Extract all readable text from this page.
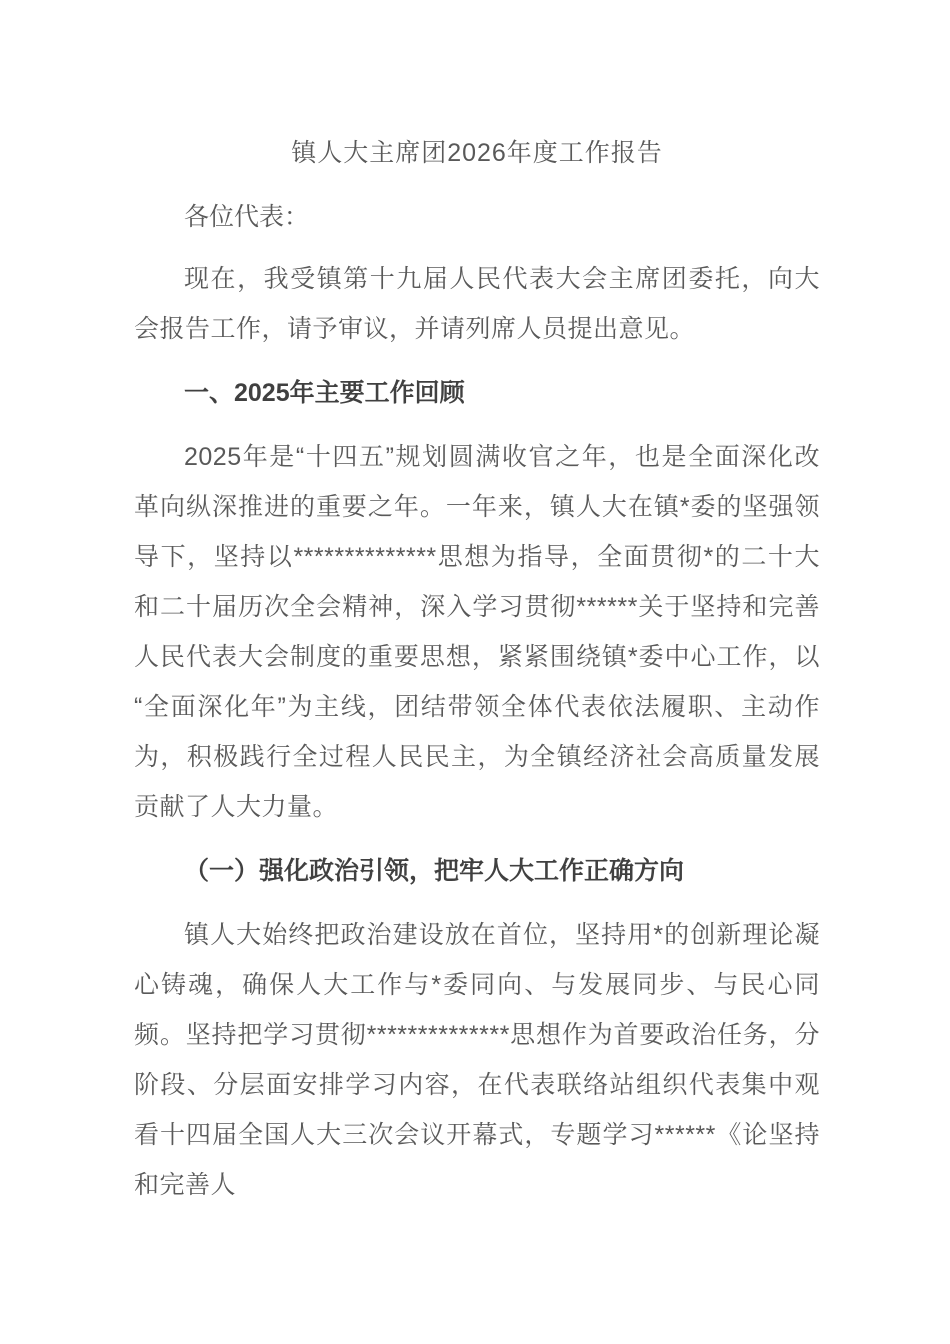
镇人大主席团2026年度工作报告

各位代表：

现在，我受镇第十九届人民代表大会主席团委托，向大会报告工作，请予审议，并请列席人员提出意见。

一、2025年主要工作回顾

2025年是“十四五”规划圆满收官之年，也是全面深化改革向纵深推进的重要之年。一年来，镇人大在镇*委的坚强领导下，坚持以**************思想为指导，全面贯彻*的二十大和二十届历次全会精神，深入学习贯彻******关于坚持和完善人民代表大会制度的重要思想，紧紧围绕镇*委中心工作，以“全面深化年”为主线，团结带领全体代表依法履职、主动作为，积极践行全过程人民民主，为全镇经济社会高质量发展贡献了人大力量。

（一）强化政治引领，把牢人大工作正确方向

镇人大始终把政治建设放在首位，坚持用*的创新理论凝心铸魂，确保人大工作与*委同向、与发展同步、与民心同频。坚持把学习贯彻**************思想作为首要政治任务，分阶段、分层面安排学习内容，在代表联络站组织代表集中观看十四届全国人大三次会议开幕式，专题学习******《论坚持和完善人
